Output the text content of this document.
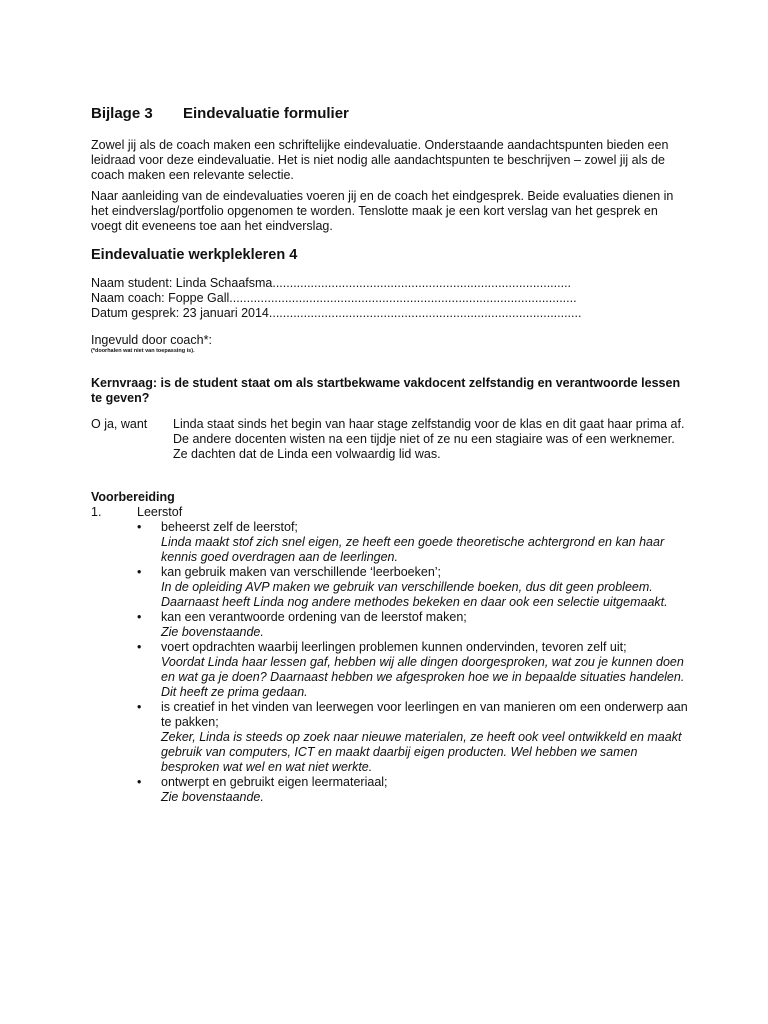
Bijlage 3	Eindevaluatie formulier

Zowel jij als de coach maken een schriftelijke eindevaluatie. Onderstaande aandachtspunten bieden een leidraad voor deze eindevaluatie. Het is niet nodig alle aandachtspunten te beschrijven – zowel jij als de coach maken een relevante selectie.

Naar aanleiding van de eindevaluaties voeren jij en de coach het eindgesprek. Beide evaluaties dienen in het eindverslag/portfolio opgenomen te worden. Tenslotte maak je een kort verslag van het gesprek en voegt dit eveneens toe aan het eindverslag.

Eindevaluatie werkplekleren 4
Naam student: Linda Schaafsma......................................................................................
Naam coach: Foppe Gall....................................................................................................
Datum gesprek: 23 januari 2014..........................................................................................
Ingevuld door coach*:
(*doorhalen wat niet van toepassing is).
Kernvraag: is de student staat om als startbekwame vakdocent zelfstandig en verantwoorde lessen te geven?
O ja, want	Linda staat sinds het begin van haar stage zelfstandig voor de klas en dit gaat haar prima af. De andere docenten wisten na een tijdje niet of ze nu een stagiaire was of een werknemer. Ze dachten dat de Linda een volwaardig lid was.
Voorbereiding
1.	Leerstof
•	beheerst zelf de leerstof;
Linda maakt stof zich snel eigen, ze heeft een goede theoretische achtergrond en kan haar kennis goed overdragen aan de leerlingen.
•	kan gebruik maken van verschillende ‘leerboeken’;
In de opleiding AVP maken we gebruik van verschillende boeken, dus dit geen probleem. Daarnaast heeft Linda nog andere methodes bekeken en daar ook een selectie uitgemaakt.
•	kan een verantwoorde ordening van de leerstof maken;
Zie bovenstaande.
•	voert opdrachten waarbij leerlingen problemen kunnen ondervinden, tevoren zelf uit;
Voordat Linda haar lessen gaf, hebben wij alle dingen doorgesproken, wat zou je kunnen doen en wat ga je doen? Daarnaast hebben we afgesproken hoe we in bepaalde situaties handelen. Dit heeft ze prima gedaan.
•	is creatief in het vinden van leerwegen voor leerlingen en van manieren om een onderwerp aan te pakken;
Zeker, Linda is steeds op zoek naar nieuwe materialen, ze heeft ook veel ontwikkeld en maakt gebruik van computers, ICT en maakt daarbij eigen producten. Wel hebben we samen besproken wat wel en wat niet werkte.
•	ontwerpt en gebruikt eigen leermateriaal;
Zie bovenstaande.
